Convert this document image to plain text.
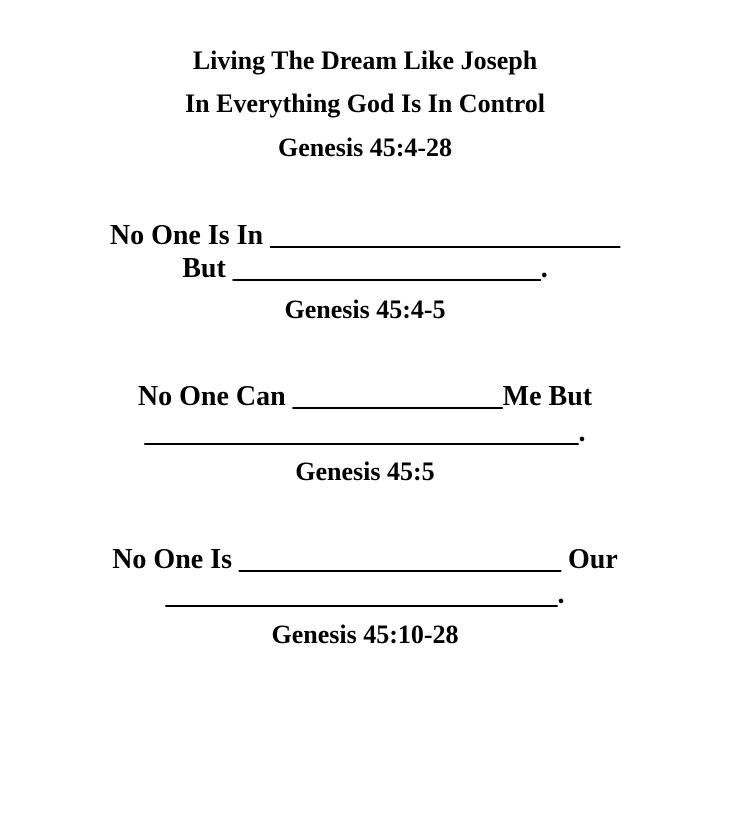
Living The Dream Like Joseph
In Everything God Is In Control
Genesis 45:4-28
No One Is In _________________________
But ______________________.
Genesis 45:4-5
No One Can _______________Me But
_______________________________.
Genesis 45:5
No One Is _______________________ Our
____________________________.
Genesis 45:10-28
